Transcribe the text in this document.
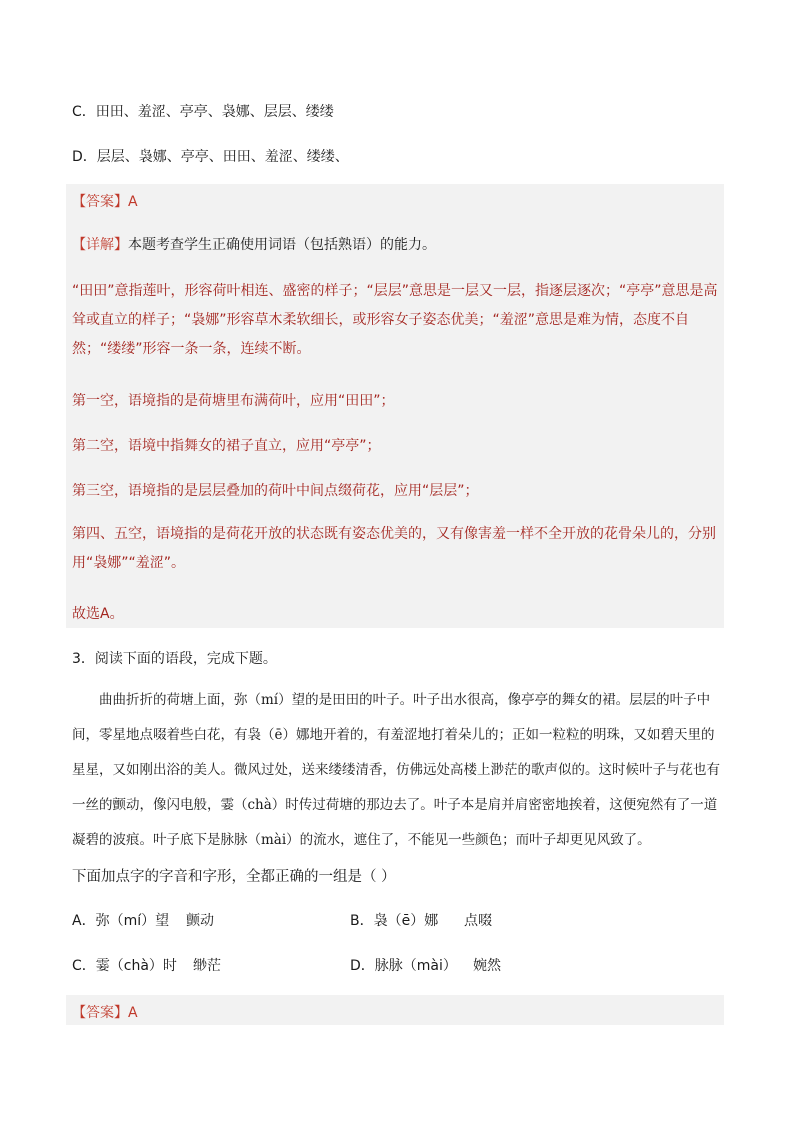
C．田田、羞涩、亭亭、袅娜、层层、缕缕
D．层层、袅娜、亭亭、田田、羞涩、缕缕、
【答案】A
【详解】本题考查学生正确使用词语（包括熟语）的能力。
“田田”意指莲叶，形容荷叶相连、盛密的样子；“层层”意思是一层又一层，指逐层逐次；“亭亭”意思是高耸或直立的样子；“袅娜”形容草木柔软细长，或形容女子姿态优美；“羞涩”意思是难为情，态度不自然；“缕缕”形容一条一条，连续不断。
第一空，语境指的是荷塘里布满荷叶，应用“田田”；
第二空，语境中指舞女的裙子直立，应用“亭亭”；
第三空，语境指的是层层叠加的荷叶中间点缀荷花，应用“层层”；
第四、五空，语境指的是荷花开放的状态既有姿态优美的，又有像害羞一样不全开放的花骨朵儿的，分别用“袅娜”“羞涩”。
故选A。
3．阅读下面的语段，完成下题。
曲曲折折的荷塘上面，弥（mí）望的是田田的叶子。叶子出水很高，像亭亭的舞女的裙。层层的叶子中间，零星地点啜着些白花，有袅（ē）娜地开着的，有羞涩地打着朵儿的；正如一粒粒的明珠，又如碧天里的星星，又如刚出浴的美人。微风过处，送来缕缕清香，仿佛远处高楼上渺茫的歌声似的。这时候叶子与花也有一丝的颤动，像闪电般，霎（chà）时传过荷塘的那边去了。叶子本是肩并肩密密地挨着，这便宛然有了一道凝碧的波痕。叶子底下是脉脉（mài）的流水，遮住了，不能见一些颜色；而叶子却更见风致了。
下面加点字的字音和字形，全都正确的一组是（ ）
A．弥（mí）望 颤动	B．袅（ē）娜 点啜
C．霎（chà）时 缈茫	D．脉脉（mài） 婉然
【答案】A
